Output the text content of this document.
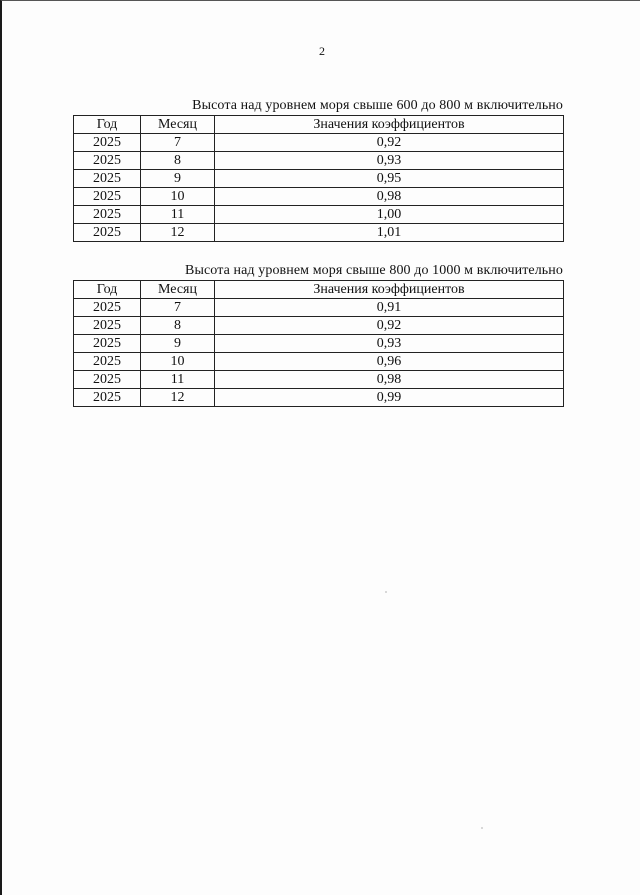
2
Высота над уровнем моря свыше 600 до 800 м включительно
Год	Месяц	Значения коэффициентов
2025	7	0,92
2025	8	0,93
2025	9	0,95
2025	10	0,98
2025	11	1,00
2025	12	1,01
Высота над уровнем моря свыше 800 до 1000 м включительно
Год	Месяц	Значения коэффициентов
2025	7	0,91
2025	8	0,92
2025	9	0,93
2025	10	0,96
2025	11	0,98
2025	12	0,99
